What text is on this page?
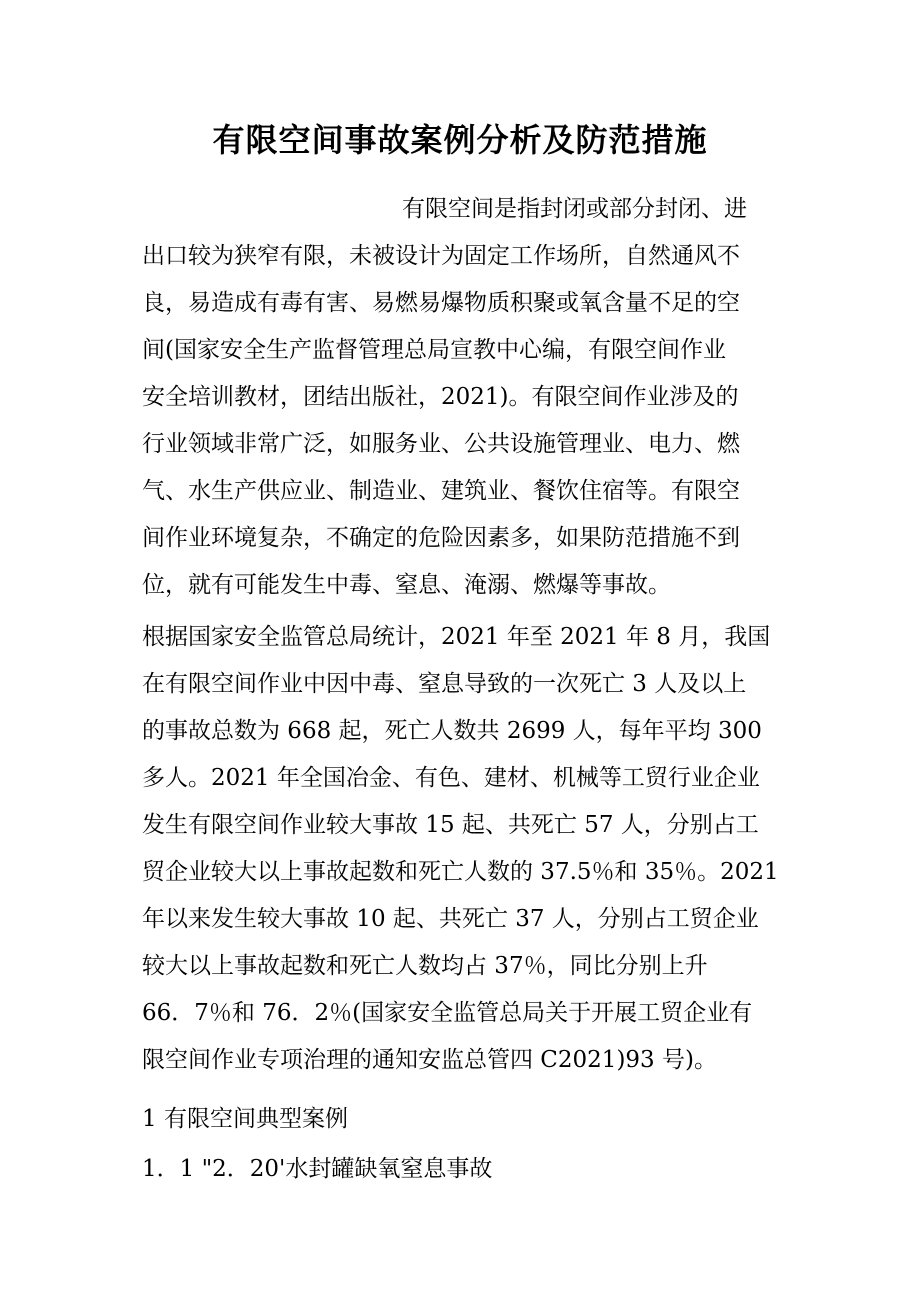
有限空间事故案例分析及防范措施

有限空间是指封闭或部分封闭、进

出口较为狭窄有限，未被设计为固定工作场所，自然通风不

良，易造成有毒有害、易燃易爆物质积聚或氧含量不足的空

间(国家安全生产监督管理总局宣教中心编，有限空间作业

安全培训教材，团结出版社，2021)。有限空间作业涉及的

行业领域非常广泛，如服务业、公共设施管理业、电力、燃

气、水生产供应业、制造业、建筑业、餐饮住宿等。有限空

间作业环境复杂，不确定的危险因素多，如果防范措施不到

位，就有可能发生中毒、窒息、淹溺、燃爆等事故。

根据国家安全监管总局统计，2021 年至 2021 年 8 月，我国

在有限空间作业中因中毒、窒息导致的一次死亡 3 人及以上

的事故总数为 668 起，死亡人数共 2699 人，每年平均 300

多人。2021 年全国冶金、有色、建材、机械等工贸行业企业

发生有限空间作业较大事故 15 起、共死亡 57 人，分别占工

贸企业较大以上事故起数和死亡人数的 37.5％和 35％。2021

年以来发生较大事故 10 起、共死亡 37 人，分别占工贸企业

较大以上事故起数和死亡人数均占 37％，同比分别上升

66．7％和 76．2％(国家安全监管总局关于开展工贸企业有

限空间作业专项治理的通知安监总管四 C2021)93 号)。

1 有限空间典型案例

1．1 "2．20'水封罐缺氧窒息事故
